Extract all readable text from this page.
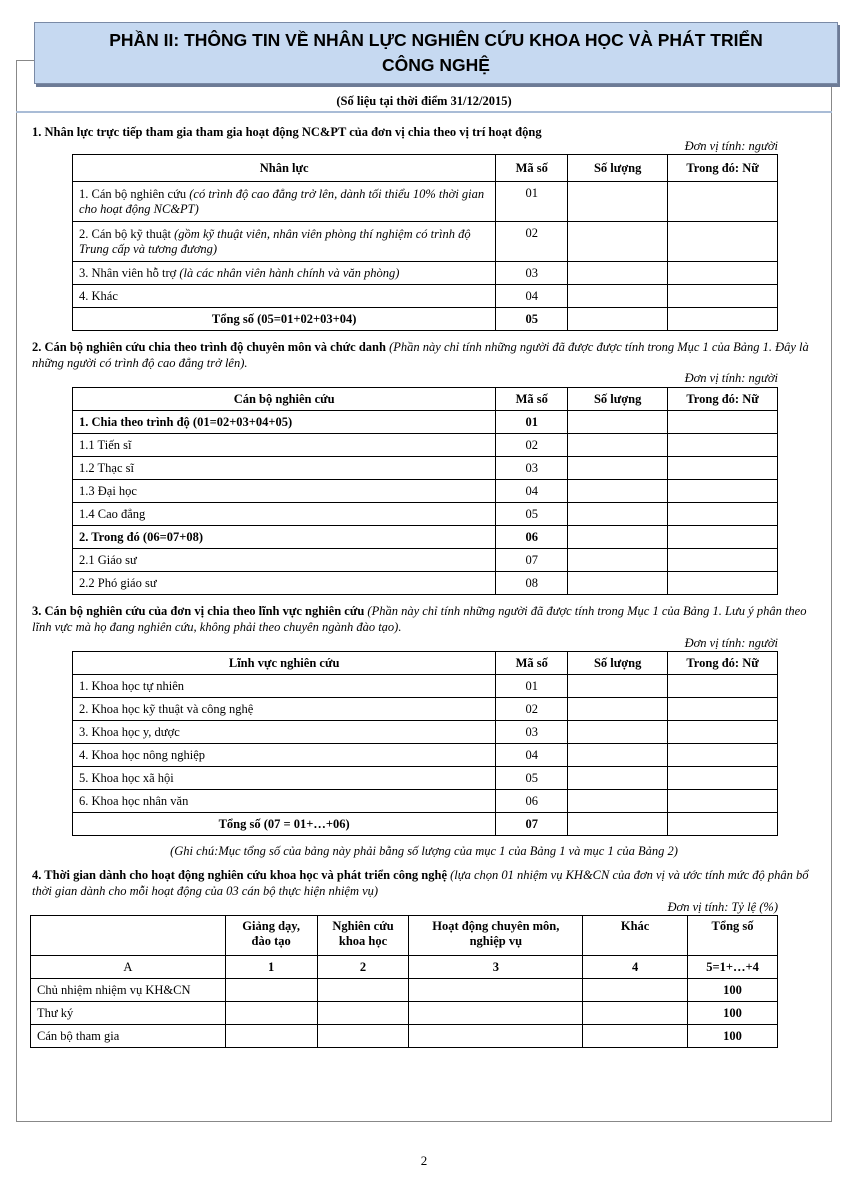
PHẦN II: THÔNG TIN VỀ NHÂN LỰC NGHIÊN CỨU KHOA HỌC VÀ PHÁT TRIỂN
CÔNG NGHỆ
(Số liệu tại thời điểm 31/12/2015)
1. Nhân lực trực tiếp tham gia tham gia hoạt động NC&PT của đơn vị chia theo vị trí hoạt động
Đơn vị tính: người
Nhân lực	Mã số	Số lượng	Trong đó: Nữ
1. Cán bộ nghiên cứu (có trình độ cao đẳng trở lên, dành tối thiểu 10% thời gian cho hoạt động NC&PT)	01		
2. Cán bộ kỹ thuật (gồm kỹ thuật viên, nhân viên phòng thí nghiệm có trình độ Trung cấp và tương đương)	02		
3. Nhân viên hỗ trợ (là các nhân viên hành chính và văn phòng)	03		
4. Khác	04		
Tổng số (05=01+02+03+04)	05		
2. Cán bộ nghiên cứu chia theo trình độ chuyên môn và chức danh (Phần này chỉ tính những người đã được được tính trong Mục 1 của Bảng 1. Đây là những người có trình độ cao đẳng trở lên).
Đơn vị tính: người
Cán bộ nghiên cứu	Mã số	Số lượng	Trong đó: Nữ
1. Chia theo trình độ (01=02+03+04+05)	01		
1.1 Tiến sĩ	02		
1.2 Thạc sĩ	03		
1.3 Đại học	04		
1.4 Cao đẳng	05		
2. Trong đó (06=07+08)	06		
2.1 Giáo sư	07		
2.2 Phó giáo sư	08		
3. Cán bộ nghiên cứu của đơn vị chia theo lĩnh vực nghiên cứu (Phần này chỉ tính những người đã được tính trong Mục 1 của Bảng 1. Lưu ý phân theo lĩnh vực mà họ đang nghiên cứu, không phải theo chuyên ngành đào tạo).
Đơn vị tính: người
Lĩnh vực nghiên cứu	Mã số	Số lượng	Trong đó: Nữ
1. Khoa học tự nhiên	01		
2. Khoa học kỹ thuật và công nghệ	02		
3. Khoa học y, dược	03		
4. Khoa học nông nghiệp	04		
5. Khoa học xã hội	05		
6. Khoa học nhân văn	06		
Tổng số (07 = 01+…+06)	07		
(Ghi chú:Mục tổng số của bảng này phải bằng số lượng của mục 1 của Bảng 1 và mục 1 của Bảng 2)
4. Thời gian dành cho hoạt động nghiên cứu khoa học và phát triển công nghệ (lựa chọn 01 nhiệm vụ KH&CN của đơn vị và ước tính mức độ phân bổ thời gian dành cho mỗi hoạt động của 03 cán bộ thực hiện nhiệm vụ)
Đơn vị tính: Tỷ lệ (%)
	Giảng dạy, đào tạo	Nghiên cứu khoa học	Hoạt động chuyên môn, nghiệp vụ	Khác	Tổng số
A	1	2	3	4	5=1+…+4
Chủ nhiệm nhiệm vụ KH&CN					100
Thư ký					100
Cán bộ tham gia					100
2
